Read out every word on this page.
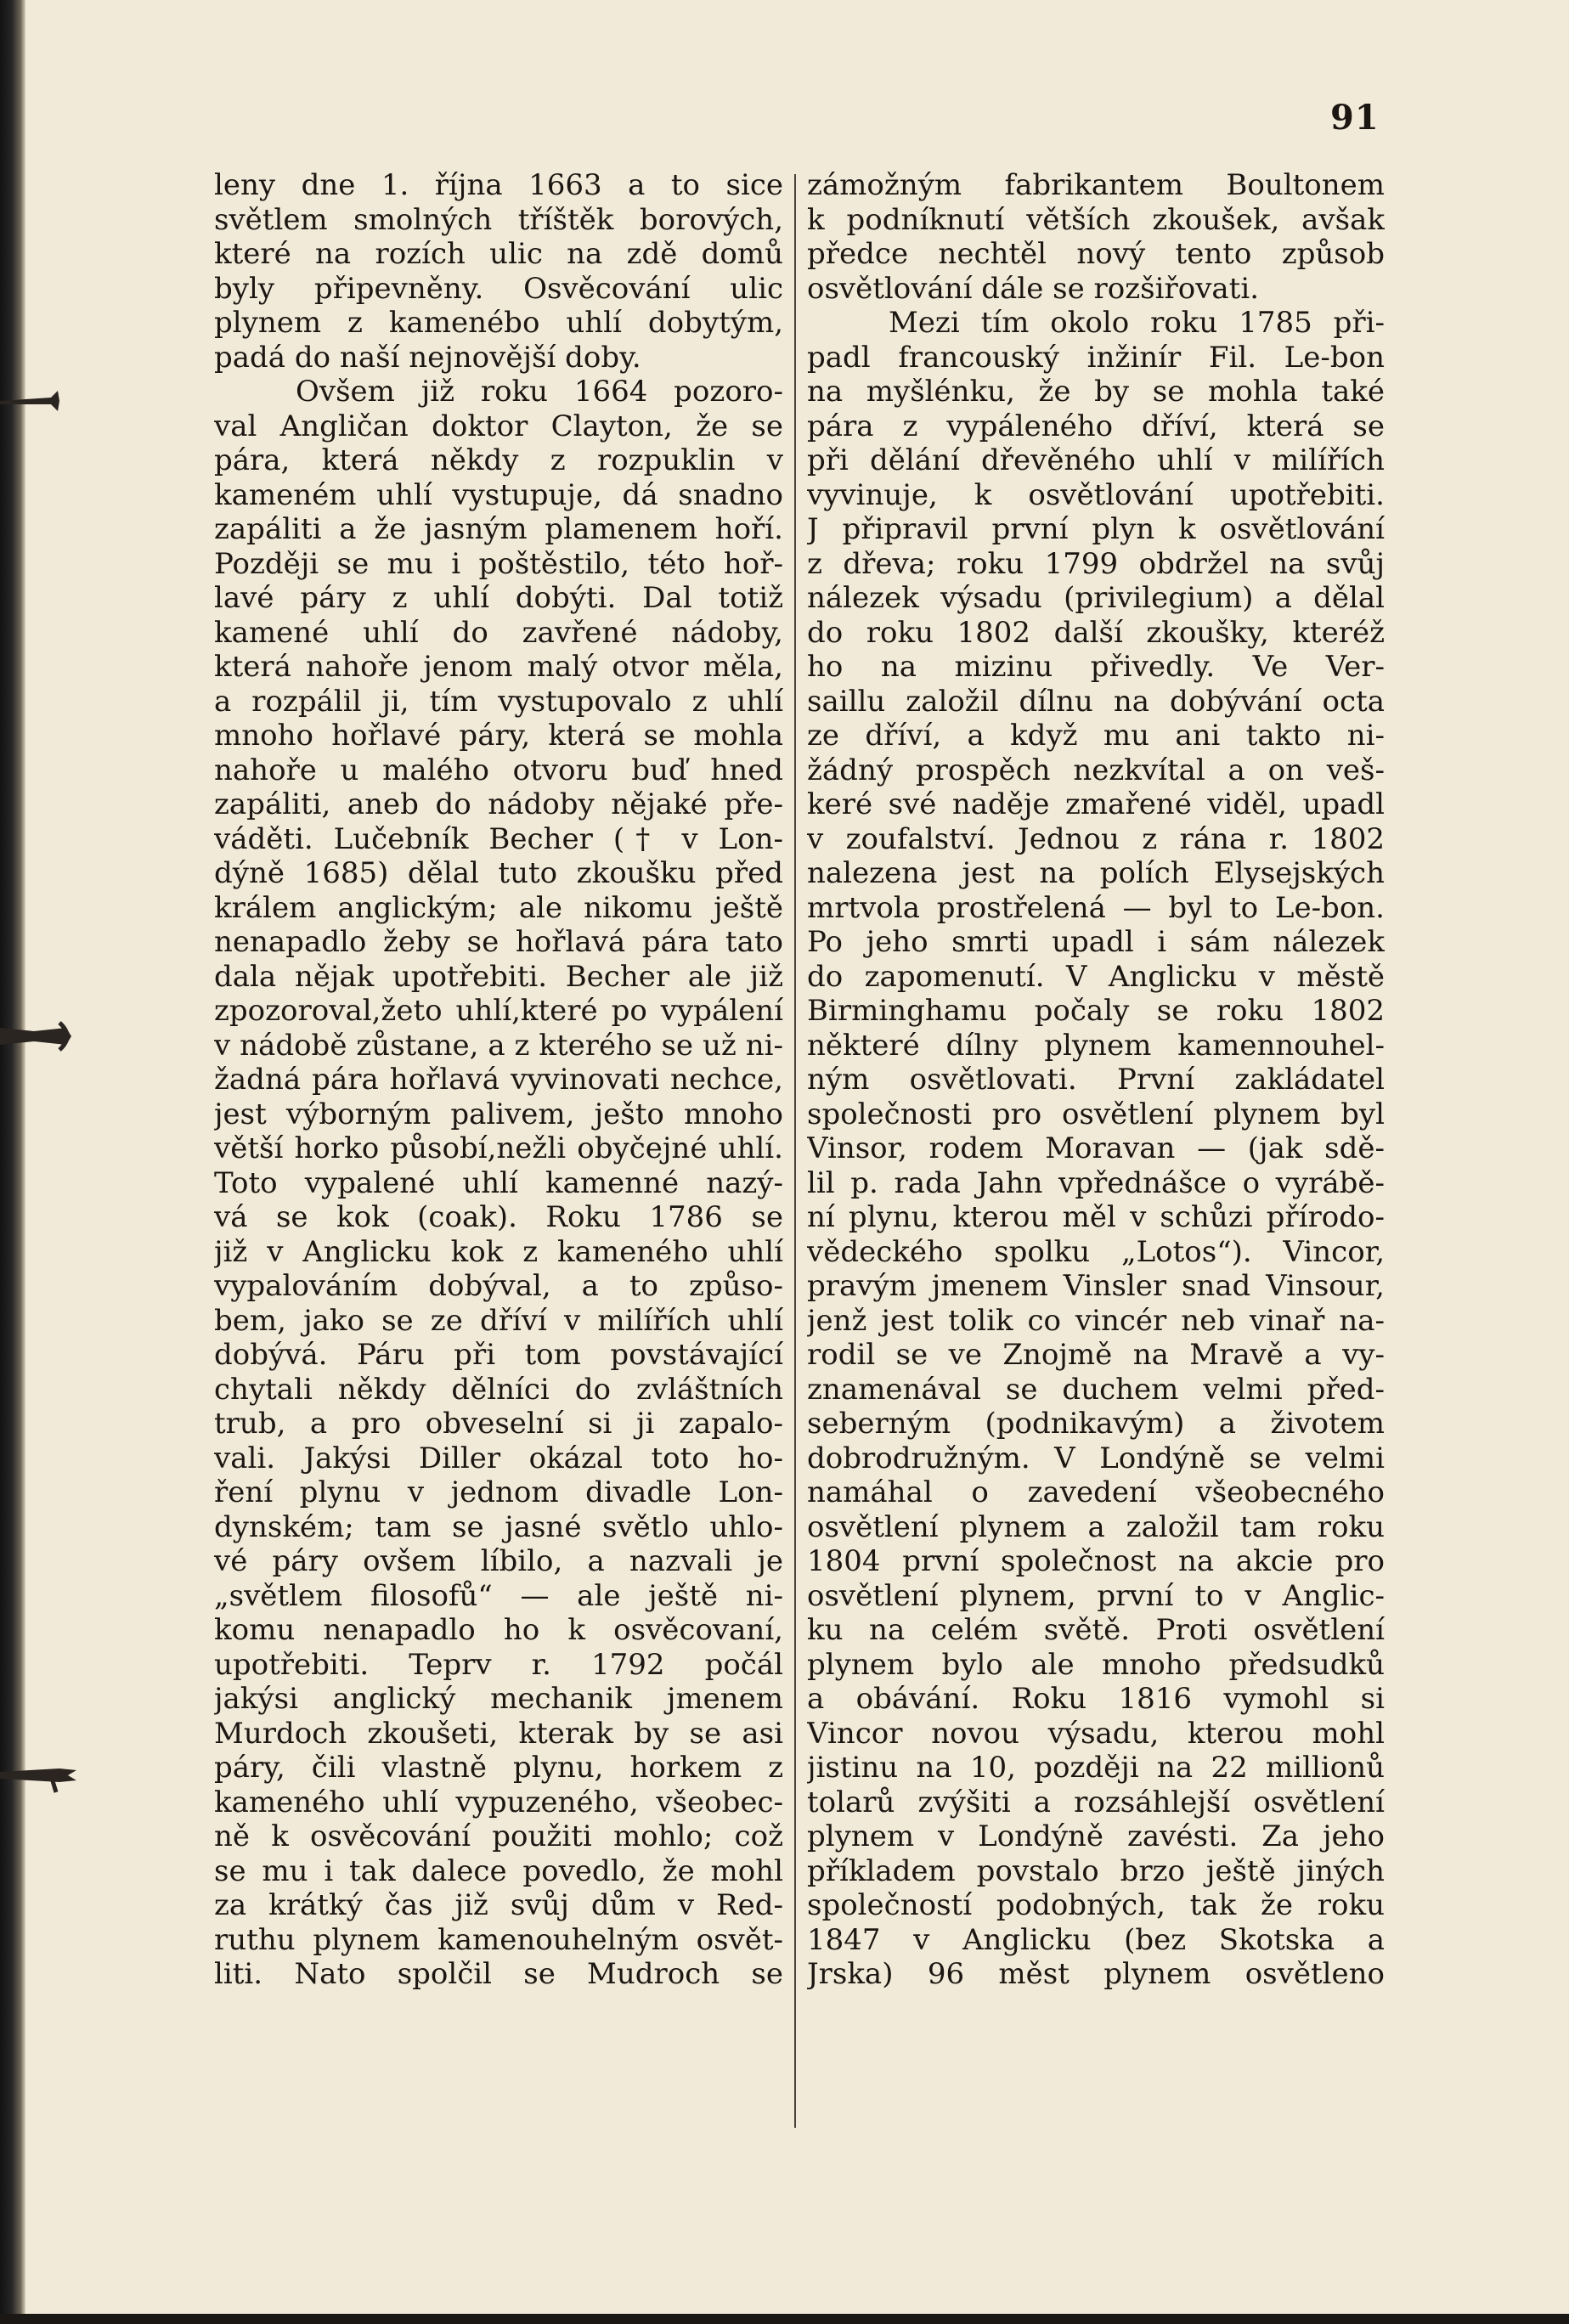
91
leny dne 1. října 1663 a to sice
světlem smolných tříštěk borových,
které na rozích ulic na zdě domů
byly připevněny. Osvěcování ulic
plynem z kamenébo uhlí dobytým,
padá do naší nejnovější doby.
Ovšem již roku 1664 pozoro-
val Angličan doktor Clayton, že se
pára, která někdy z rozpuklin v
kameném uhlí vystupuje, dá snadno
zapáliti a že jasným plamenem hoří.
Později se mu i poštěstilo, této hoř-
lavé páry z uhlí dobýti. Dal totiž
kamené uhlí do zavřené nádoby,
která nahoře jenom malý otvor měla,
a rozpálil ji, tím vystupovalo z uhlí
mnoho hořlavé páry, která se mohla
nahoře u malého otvoru buď hned
zapáliti, aneb do nádoby nějaké pře-
váděti. Lučebník Becher († v Lon-
dýně 1685) dělal tuto zkoušku před
králem anglickým; ale nikomu ještě
nenapadlo žeby se hořlavá pára tato
dala nějak upotřebiti. Becher ale již
zpozoroval,žeto uhlí,které po vypálení
v nádobě zůstane, a z kterého se už ni-
žadná pára hořlavá vyvinovati nechce,
jest výborným palivem, ješto mnoho
větší horko působí,nežli obyčejné uhlí.
Toto vypalené uhlí kamenné nazý-
vá se kok (coak). Roku 1786 se
již v Anglicku kok z kameného uhlí
vypalováním dobýval, a to způso-
bem, jako se ze dříví v milířích uhlí
dobývá. Páru při tom povstávající
chytali někdy dělníci do zvláštních
trub, a pro obveselní si ji zapalo-
vali. Jakýsi Diller okázal toto ho-
ření plynu v jednom divadle Lon-
dynském; tam se jasné světlo uhlo-
vé páry ovšem líbilo, a nazvali je
„světlem filosofů“ — ale ještě ni-
komu nenapadlo ho k osvěcovaní,
upotřebiti. Teprv r. 1792 počál
jakýsi anglický mechanik jmenem
Murdoch zkoušeti, kterak by se asi
páry, čili vlastně plynu, horkem z
kameného uhlí vypuzeného, všeobec-
ně k osvěcování použiti mohlo; což
se mu i tak dalece povedlo, že mohl
za krátký čas již svůj dům v Red-
ruthu plynem kamenouhelným osvět-
liti. Nato spolčil se Mudroch se
zámožným fabrikantem Boultonem
k podníknutí větších zkoušek, avšak
předce nechtěl nový tento způsob
osvětlování dále se rozšiřovati.
Mezi tím okolo roku 1785 při-
padl francouský inžinír Fil. Le-bon
na myšlénku, že by se mohla také
pára z vypáleného dříví, která se
při dělání dřevěného uhlí v milířích
vyvinuje, k osvětlování upotřebiti.
J připravil první plyn k osvětlování
z dřeva; roku 1799 obdržel na svůj
nálezek výsadu (privilegium) a dělal
do roku 1802 další zkoušky, kteréž
ho na mizinu přivedly. Ve Ver-
saillu založil dílnu na dobývání octa
ze dříví, a když mu ani takto ni-
žádný prospěch nezkvítal a on veš-
keré své naděje zmařené viděl, upadl
v zoufalství. Jednou z rána r. 1802
nalezena jest na polích Elysejských
mrtvola prostřelená — byl to Le-bon.
Po jeho smrti upadl i sám nálezek
do zapomenutí. V Anglicku v městě
Birminghamu počaly se roku 1802
některé dílny plynem kamennouhel-
ným osvětlovati. První zakládatel
společnosti pro osvětlení plynem byl
Vinsor, rodem Moravan — (jak sdě-
lil p. rada Jahn vpřednášce o vyrábě-
ní plynu, kterou měl v schůzi přírodo-
vědeckého spolku „Lotos“). Vincor,
pravým jmenem Vinsler snad Vinsour,
jenž jest tolik co vincér neb vinař na-
rodil se ve Znojmě na Mravě a vy-
znamenával se duchem velmi před-
seberným (podnikavým) a životem
dobrodružným. V Londýně se velmi
namáhal o zavedení všeobecného
osvětlení plynem a založil tam roku
1804 první společnost na akcie pro
osvětlení plynem, první to v Anglic-
ku na celém světě. Proti osvětlení
plynem bylo ale mnoho předsudků
a obávání. Roku 1816 vymohl si
Vincor novou výsadu, kterou mohl
jistinu na 10, později na 22 millionů
tolarů zvýšiti a rozsáhlejší osvětlení
plynem v Londýně zavésti. Za jeho
příkladem povstalo brzo ještě jiných
společností podobných, tak že roku
1847 v Anglicku (bez Skotska a
Jrska) 96 měst plynem osvětleno
